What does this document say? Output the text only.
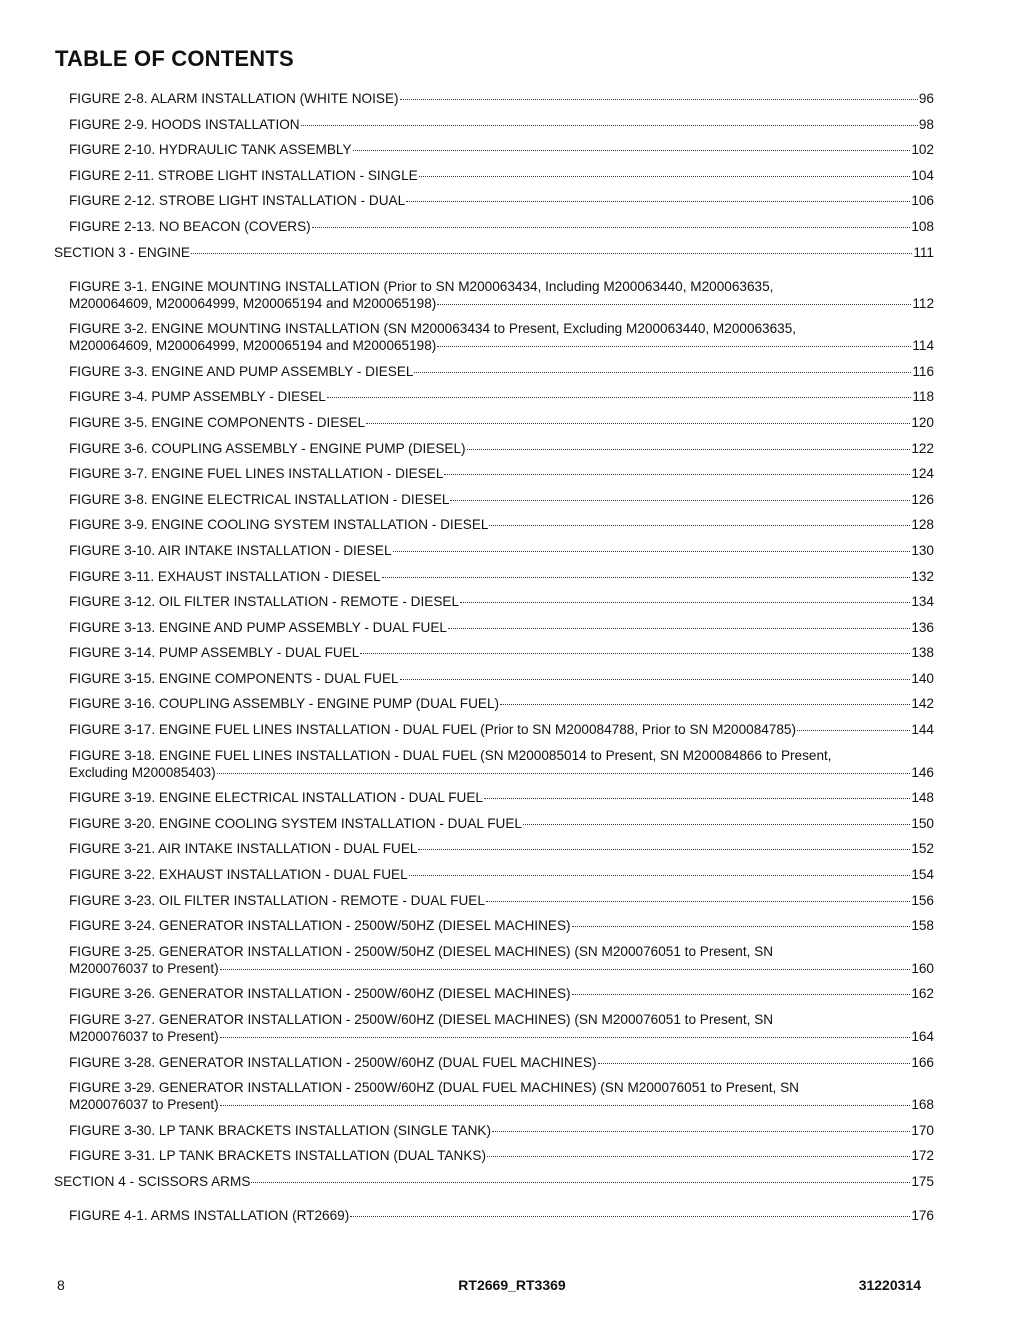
TABLE OF CONTENTS
FIGURE 2-8. ALARM INSTALLATION (WHITE NOISE)	96
FIGURE 2-9. HOODS INSTALLATION	98
FIGURE 2-10. HYDRAULIC TANK ASSEMBLY	102
FIGURE 2-11. STROBE LIGHT INSTALLATION - SINGLE	104
FIGURE 2-12. STROBE LIGHT INSTALLATION - DUAL	106
FIGURE 2-13. NO BEACON (COVERS)	108
SECTION 3 - ENGINE	111
FIGURE 3-1. ENGINE MOUNTING INSTALLATION (Prior to SN M200063434, Including M200063440, M200063635,
M200064609, M200064999, M200065194 and M200065198)	112
FIGURE 3-2. ENGINE MOUNTING INSTALLATION (SN M200063434 to Present, Excluding M200063440, M200063635,
M200064609, M200064999, M200065194 and M200065198)	114
FIGURE 3-3. ENGINE AND PUMP ASSEMBLY - DIESEL	116
FIGURE 3-4. PUMP ASSEMBLY - DIESEL	118
FIGURE 3-5. ENGINE COMPONENTS - DIESEL	120
FIGURE 3-6. COUPLING ASSEMBLY - ENGINE PUMP (DIESEL)	122
FIGURE 3-7. ENGINE FUEL LINES INSTALLATION - DIESEL	124
FIGURE 3-8. ENGINE ELECTRICAL INSTALLATION - DIESEL	126
FIGURE 3-9. ENGINE COOLING SYSTEM INSTALLATION - DIESEL	128
FIGURE 3-10. AIR INTAKE INSTALLATION - DIESEL	130
FIGURE 3-11. EXHAUST INSTALLATION - DIESEL	132
FIGURE 3-12. OIL FILTER INSTALLATION - REMOTE - DIESEL	134
FIGURE 3-13. ENGINE AND PUMP ASSEMBLY - DUAL FUEL	136
FIGURE 3-14. PUMP ASSEMBLY - DUAL FUEL	138
FIGURE 3-15. ENGINE COMPONENTS - DUAL FUEL	140
FIGURE 3-16. COUPLING ASSEMBLY - ENGINE PUMP (DUAL FUEL)	142
FIGURE 3-17. ENGINE FUEL LINES INSTALLATION - DUAL FUEL (Prior to SN M200084788, Prior to SN M200084785)	144
FIGURE 3-18. ENGINE FUEL LINES INSTALLATION - DUAL FUEL (SN M200085014 to Present, SN M200084866 to Present,
Excluding M200085403)	146
FIGURE 3-19. ENGINE ELECTRICAL INSTALLATION - DUAL FUEL	148
FIGURE 3-20. ENGINE COOLING SYSTEM INSTALLATION - DUAL FUEL	150
FIGURE 3-21. AIR INTAKE INSTALLATION - DUAL FUEL	152
FIGURE 3-22. EXHAUST INSTALLATION - DUAL FUEL	154
FIGURE 3-23. OIL FILTER INSTALLATION - REMOTE - DUAL FUEL	156
FIGURE 3-24. GENERATOR INSTALLATION - 2500W/50HZ (DIESEL MACHINES)	158
FIGURE 3-25. GENERATOR INSTALLATION - 2500W/50HZ (DIESEL MACHINES) (SN M200076051 to Present, SN
M200076037 to Present)	160
FIGURE 3-26. GENERATOR INSTALLATION - 2500W/60HZ (DIESEL MACHINES)	162
FIGURE 3-27. GENERATOR INSTALLATION - 2500W/60HZ (DIESEL MACHINES) (SN M200076051 to Present, SN
M200076037 to Present)	164
FIGURE 3-28. GENERATOR INSTALLATION - 2500W/60HZ (DUAL FUEL MACHINES)	166
FIGURE 3-29. GENERATOR INSTALLATION - 2500W/60HZ (DUAL FUEL MACHINES) (SN M200076051 to Present, SN
M200076037 to Present)	168
FIGURE 3-30. LP TANK BRACKETS INSTALLATION (SINGLE TANK)	170
FIGURE 3-31. LP TANK BRACKETS INSTALLATION (DUAL TANKS)	172
SECTION 4 - SCISSORS ARMS	175
FIGURE 4-1. ARMS INSTALLATION (RT2669)	176
8	RT2669_RT3369	31220314
